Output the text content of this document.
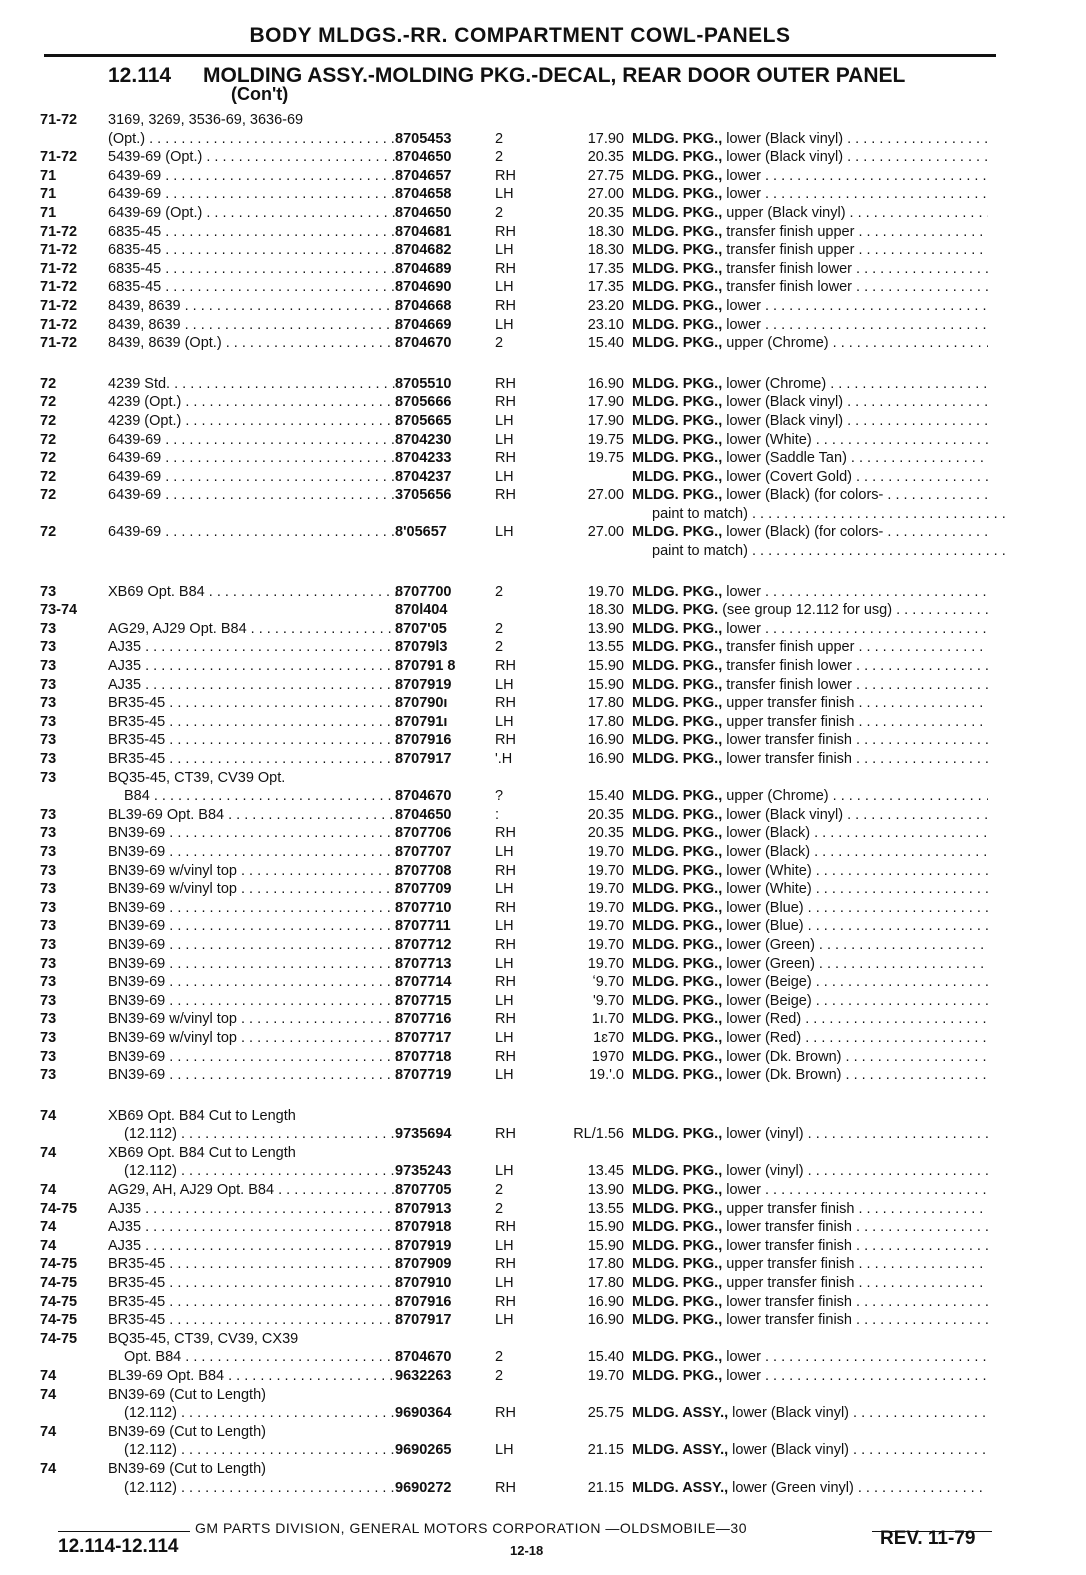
BODY MLDGS.-RR. COMPARTMENT COWL-PANELS
12.114 MOLDING ASSY.-MOLDING PKG.-DECAL, REAR DOOR OUTER PANEL
(Con't)
71-72 3169, 3269, 3536-69, 3636-69
(Opt.) . . .	8705453	2	17.90 MLDG. PKG., lower (Black vinyl) . . .
71-72 5439-69 (Opt.) . . .	8704650	2	20.35 MLDG. PKG., lower (Black vinyl) . . .
71	6439-69 . . .	8704657	RH	27.75 MLDG. PKG., lower . . .
71	6439-69 . . .	8704658	LH	27.00 MLDG. PKG., lower . . .
71	6439-69 (Opt.) . . .	8704650	2	20.35 MLDG. PKG., upper (Black vinyl) . . .
71-72 6835-45 . . .	8704681	RH	18.30 MLDG. PKG., transfer finish upper . . .
71-72 6835-45 . . .	8704682	LH	18.30 MLDG. PKG., transfer finish upper . . .
71-72 6835-45 . . .	8704689	RH	17.35 MLDG. PKG., transfer finish lower . . .
71-72 6835-45 . . .	8704690	LH	17.35 MLDG. PKG., transfer finish lower . . .
71-72 8439, 8639 . . .	8704668	RH	23.20 MLDG. PKG., lower . . .
71-72 8439, 8639 . . .	8704669	LH	23.10 MLDG. PKG., lower . . .
71-72 8439, 8639 (Opt.) . . .	8704670	2	15.40 MLDG. PKG., upper (Chrome) . . .
72	4239 Std. . . .	8705510	RH	16.90 MLDG. PKG., lower (Chrome) . . .
72	4239 (Opt.) . . .	8705666	RH	17.90 MLDG. PKG., lower (Black vinyl) . . .
72	4239 (Opt.) . . .	8705665	LH	17.90 MLDG. PKG., lower (Black vinyl) . . .
72	6439-69 . . .	8704230	LH	19.75 MLDG. PKG., lower (White) . . .
72	6439-69 . . .	8704233	RH	19.75 MLDG. PKG., lower (Saddle Tan) . . .
72	6439-69 . . .	8704237	LH	MLDG. PKG., lower (Covert Gold) . . .
72	6439-69 . . .	3705656	RH	27.00 MLDG. PKG., lower (Black) (for colors- . . .
paint to match) . . .
72	6439-69 . . .	8'05657	LH	27.00 MLDG. PKG., lower (Black) (for colors- . . .
paint to match) . . .
73	XB69 Opt. B84 . . .	8707700	2	19.70 MLDG. PKG., lower . . .
73-74	870l404	18.30 MLDG. PKG. (see group 12.112 for usg) . . .
73	AG29, AJ29 Opt. B84 . . .	8707'05	2	13.90 MLDG. PKG., lower . . .
73	AJ35 . . .	87079l3	2	13.55 MLDG. PKG., transfer finish upper . . .
73	AJ35 . . .	870791 8	RH	15.90 MLDG. PKG., transfer finish lower . . .
73	AJ35 . . .	8707919	LH	15.90 MLDG. PKG., transfer finish lower . . .
73	BR35-45 . . .	870790ı	RH	17.80 MLDG. PKG., upper transfer finish . . .
73	BR35-45 . . .	870791ı	LH	17.80 MLDG. PKG., upper transfer finish . . .
73	BR35-45 . . .	8707916	RH	16.90 MLDG. PKG., lower transfer finish . . .
73	BR35-45 . . .	8707917	'.H	16.90 MLDG. PKG., lower transfer finish . . .
73	BQ35-45, CT39, CV39 Opt.
B84 . . .	8704670	?	15.40 MLDG. PKG., upper (Chrome) . . .
73	BL39-69 Opt. B84 . . .	8704650	:	20.35 MLDG. PKG., lower (Black vinyl) . . .
73	BN39-69 . . .	8707706	RH	20.35 MLDG. PKG., lower (Black) . . .
73	BN39-69 . . .	8707707	LH	19.70 MLDG. PKG., lower (Black) . . .
73	BN39-69 w/vinyl top . . .	8707708	RH	19.70 MLDG. PKG., lower (White) . . .
73	BN39-69 w/vinyl top . . .	8707709	LH	19.70 MLDG. PKG., lower (White) . . .
73	BN39-69 . . .	8707710	RH	19.70 MLDG. PKG., lower (Blue) . . .
73	BN39-69 . . .	8707711	LH	19.70 MLDG. PKG., lower (Blue) . . .
73	BN39-69 . . .	8707712	RH	19.70 MLDG. PKG., lower (Green) . . .
73	BN39-69 . . .	8707713	LH	19.70 MLDG. PKG., lower (Green) . . .
73	BN39-69 . . .	8707714	RH	ʻ9.70 MLDG. PKG., lower (Beige) . . .
73	BN39-69 . . .	8707715	LH	'9.70 MLDG. PKG., lower (Beige) . . .
73	BN39-69 w/vinyl top . . .	8707716	RH	1ı.70 MLDG. PKG., lower (Red) . . .
73	BN39-69 w/vinyl top . . .	8707717	LH	1ɛ70 MLDG. PKG., lower (Red) . . .
73	BN39-69 . . .	8707718	RH	1970 MLDG. PKG., lower (Dk. Brown) . . .
73	BN39-69 . . .	8707719	LH	19.'.0 MLDG. PKG., lower (Dk. Brown) . . .
74	XB69 Opt. B84 Cut to Length
(12.112) . . .	9735694	RH	RL/1.56 MLDG. PKG., lower (vinyl) . . .
74	XB69 Opt. B84 Cut to Length
(12.112) . . .	9735243	LH	13.45 MLDG. PKG., lower (vinyl) . . .
74	AG29, AH, AJ29 Opt. B84 . . .	8707705	2	13.90 MLDG. PKG., lower . . .
74-75 AJ35 . . .	8707913	2	13.55 MLDG. PKG., upper transfer finish . . .
74	AJ35 . . .	8707918	RH	15.90 MLDG. PKG., lower transfer finish . . .
74	AJ35 . . .	8707919	LH	15.90 MLDG. PKG., lower transfer finish . . .
74-75 BR35-45 . . .	8707909	RH	17.80 MLDG. PKG., upper transfer finish . . .
74-75 BR35-45 . . .	8707910	LH	17.80 MLDG. PKG., upper transfer finish . . .
74-75 BR35-45 . . .	8707916	RH	16.90 MLDG. PKG., lower transfer finish . . .
74-75 BR35-45 . . .	8707917	LH	16.90 MLDG. PKG., lower transfer finish . . .
74-75 BQ35-45, CT39, CV39, CX39
Opt. B84 . . .	8704670	2	15.40 MLDG. PKG., lower . . .
74	BL39-69 Opt. B84 . . .	9632263	2	19.70 MLDG. PKG., lower . . .
74	BN39-69 (Cut to Length)
(12.112) . . .	9690364	RH	25.75 MLDG. ASSY., lower (Black vinyl) . . .
74	BN39-69 (Cut to Length)
(12.112) . . .	9690265	LH	21.15 MLDG. ASSY., lower (Black vinyl) . . .
74	BN39-69 (Cut to Length)
(12.112) . . .	9690272	RH	21.15 MLDG. ASSY., lower (Green vinyl) . . .
GM PARTS DIVISION, GENERAL MOTORS CORPORATION —OLDSMOBILE—30
12.114-12.114	12-18
REV. 11-79
